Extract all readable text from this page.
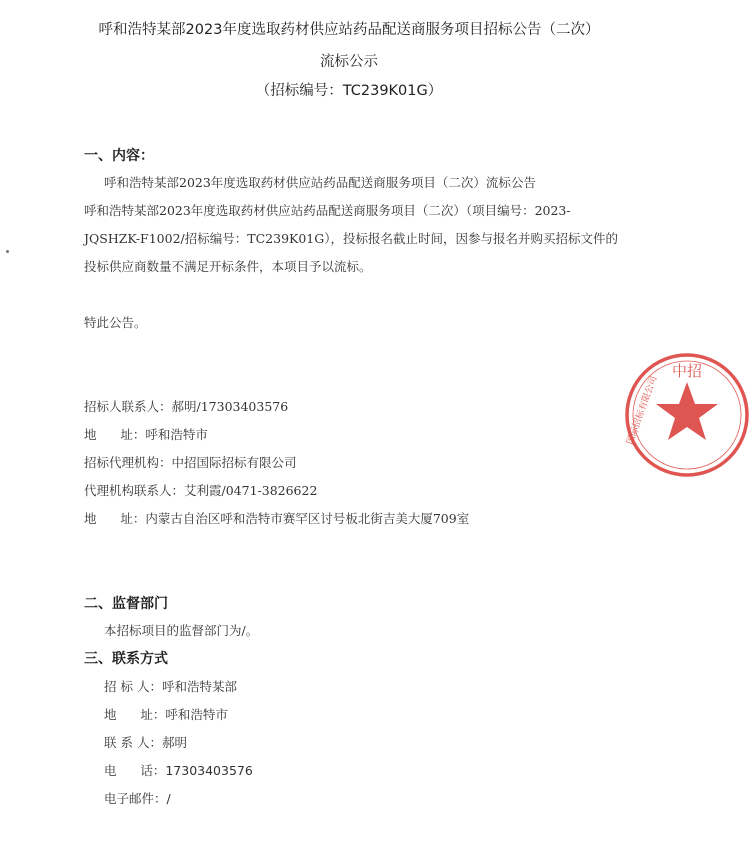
呼和浩特某部2023年度选取药材供应站药品配送商服务项目招标公告（二次）
流标公示
（招标编号：TC239K01G）
一、内容：
呼和浩特某部2023年度选取药材供应站药品配送商服务项目（二次）流标公告
呼和浩特某部2023年度选取药材供应站药品配送商服务项目（二次）（项目编号：2023-
JQSHZK-F1002/招标编号：TC239K01G），投标报名截止时间，因参与报名并购买招标文件的
投标供应商数量不满足开标条件，本项目予以流标。
特此公告。
招标人联系人：郝明/17303403576
地      址：呼和浩特市
招标代理机构：中招国际招标有限公司
代理机构联系人：艾利霞/0471-3826622
地      址：内蒙古自治区呼和浩特市赛罕区讨号板北街吉美大厦709室
二、监督部门
本招标项目的监督部门为/。
三、联系方式
招 标 人：呼和浩特某部
地      址：呼和浩特市
联 系 人：郝明
电      话：17303403576
电子邮件：/
中招
国际招标有限公司
